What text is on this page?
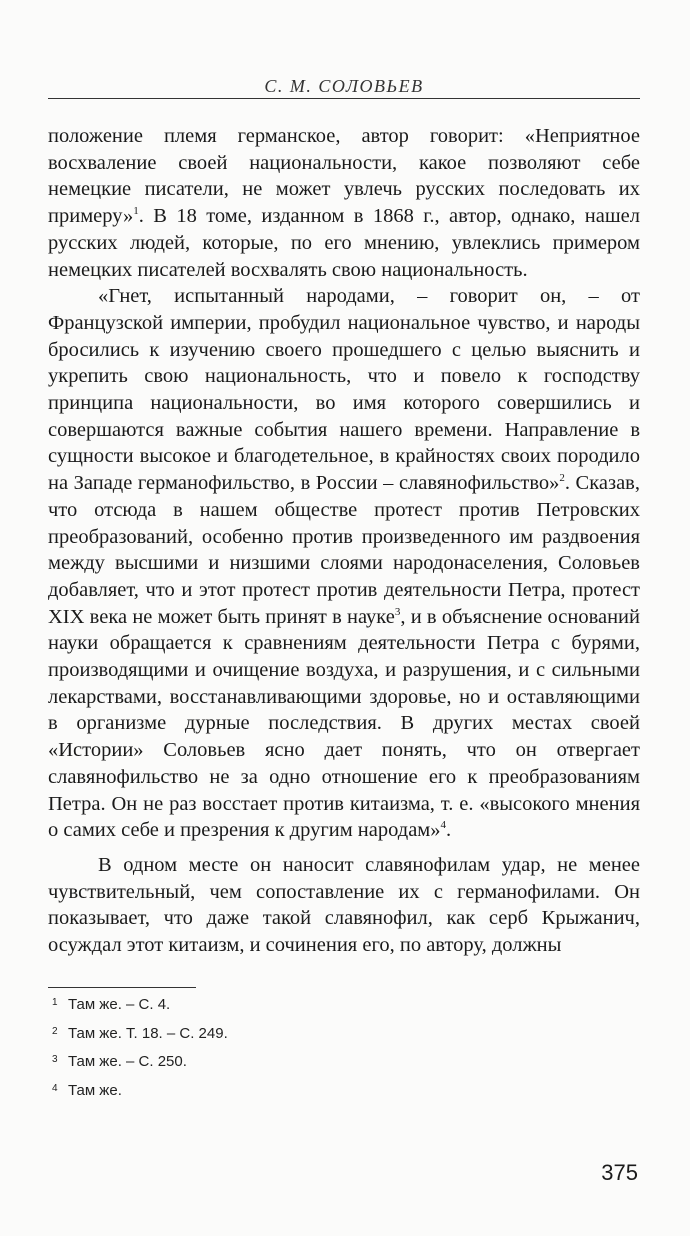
С. М. СОЛОВЬЕВ

положение племя германское, автор говорит: «Неприятное восхваление своей национальности, какое позволяют себе немецкие писатели, не может увлечь русских последовать их примеру»$^1$. В 18 томе, изданном в 1868 г., автор, однако, нашел русских людей, которые, по его мнению, увлеклись примером немецких писателей восхвалять свою национальность.

«Гнет, испытанный народами, – говорит он, – от Французской империи, пробудил национальное чувство, и народы бросились к изучению своего прошедшего с целью выяснить и укрепить свою национальность, что и повело к господству принципа национальности, во имя которого совершились и совершаются важные события нашего времени. Направление в сущности высокое и благодетельное, в крайностях своих породило на Западе германофильство, в России – славянофильство»$^2$. Сказав, что отсюда в нашем обществе протест против Петровских преобразований, особенно против произведенного им раздвоения между высшими и низшими слоями народонаселения, Соловьев добавляет, что и этот протест против деятельности Петра, протест XIX века не может быть принят в науке$^3$, и в объяснение оснований науки обращается к сравнениям деятельности Петра с бурями, производящими и очищение воздуха, и разрушения, и с сильными лекарствами, восстанавливающими здоровье, но и оставляющими в организме дурные последствия. В других местах своей «Истории» Соловьев ясно дает понять, что он отвергает славянофильство не за одно отношение его к преобразованиям Петра. Он не раз восстает против китаизма, т. е. «высокого мнения о самих себе и презрения к другим народам»$^4$.

В одном месте он наносит славянофилам удар, не менее чувствительный, чем сопоставление их с германофилами. Он показывает, что даже такой славянофил, как серб Крыжанич, осуждал этот китаизм, и сочинения его, по автору, должны

1 Там же. – С. 4.
2 Там же. Т. 18. – С. 249.
3 Там же. – С. 250.
4 Там же.
375
